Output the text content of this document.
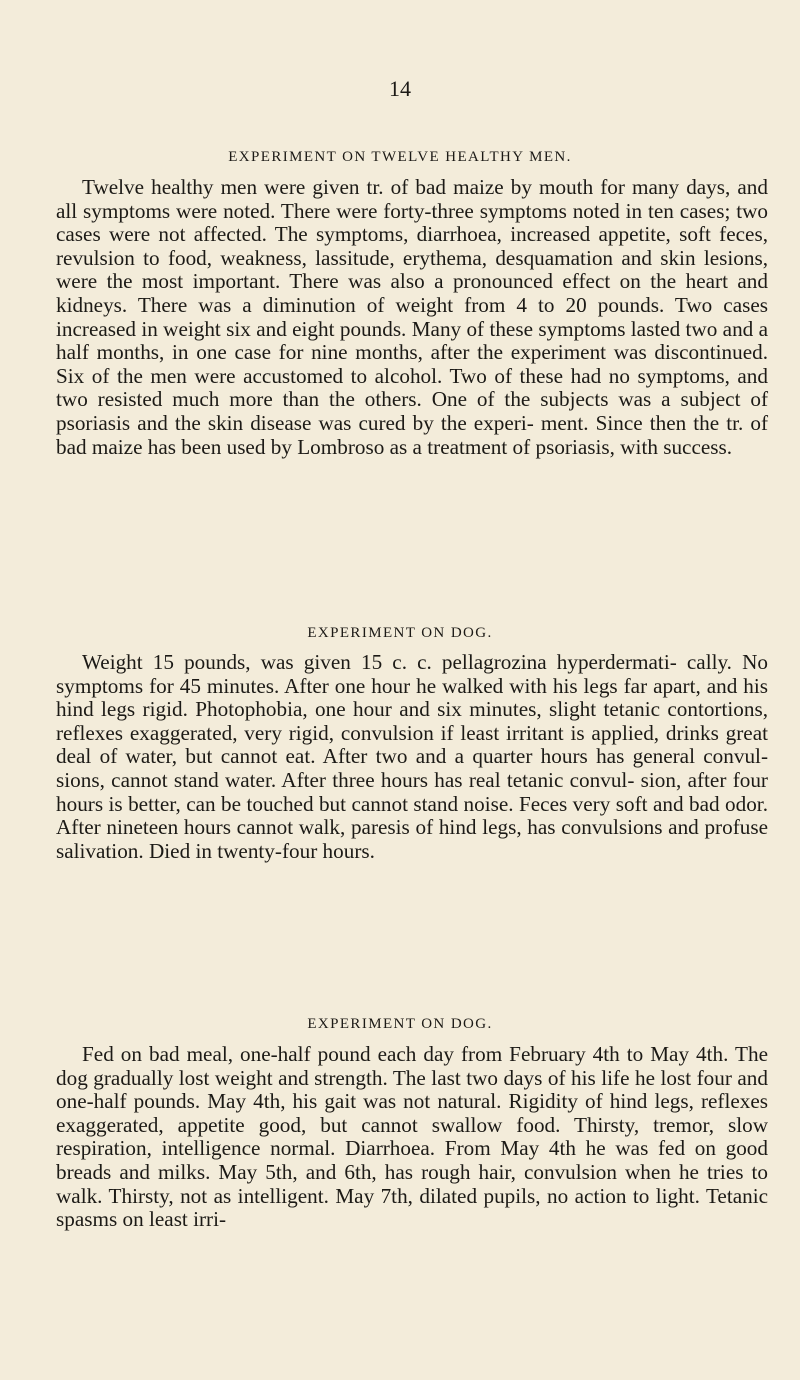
14
EXPERIMENT ON TWELVE HEALTHY MEN.

Twelve healthy men were given tr. of bad maize by mouth for many days, and all symptoms were noted. There were forty-three symptoms noted in ten cases; two cases were not affected. The symptoms, diarrhoea, increased appetite, soft feces, revulsion to food, weakness, lassitude, erythema, desquamation and skin lesions, were the most important. There was also a pronounced effect on the heart and kidneys. There was a diminution of weight from 4 to 20 pounds. Two cases increased in weight six and eight pounds. Many of these symptoms lasted two and a half months, in one case for nine months, after the experiment was discontinued. Six of the men were accustomed to alcohol. Two of these had no symptoms, and two resisted much more than the others. One of the subjects was a subject of psoriasis and the skin disease was cured by the experi- ment. Since then the tr. of bad maize has been used by Lombroso as a treatment of psoriasis, with success.

EXPERIMENT ON DOG.

Weight 15 pounds, was given 15 c. c. pellagrozina hyperdermati- cally. No symptoms for 45 minutes. After one hour he walked with his legs far apart, and his hind legs rigid. Photophobia, one hour and six minutes, slight tetanic contortions, reflexes exaggerated, very rigid, convulsion if least irritant is applied, drinks great deal of water, but cannot eat. After two and a quarter hours has general convul- sions, cannot stand water. After three hours has real tetanic convul- sion, after four hours is better, can be touched but cannot stand noise. Feces very soft and bad odor. After nineteen hours cannot walk, paresis of hind legs, has convulsions and profuse salivation. Died in twenty-four hours.

EXPERIMENT ON DOG.

Fed on bad meal, one-half pound each day from February 4th to May 4th. The dog gradually lost weight and strength. The last two days of his life he lost four and one-half pounds. May 4th, his gait was not natural. Rigidity of hind legs, reflexes exaggerated, appetite good, but cannot swallow food. Thirsty, tremor, slow respiration, intelligence normal. Diarrhoea. From May 4th he was fed on good breads and milks. May 5th, and 6th, has rough hair, convulsion when he tries to walk. Thirsty, not as intelligent. May 7th, dilated pupils, no action to light. Tetanic spasms on least irri-
